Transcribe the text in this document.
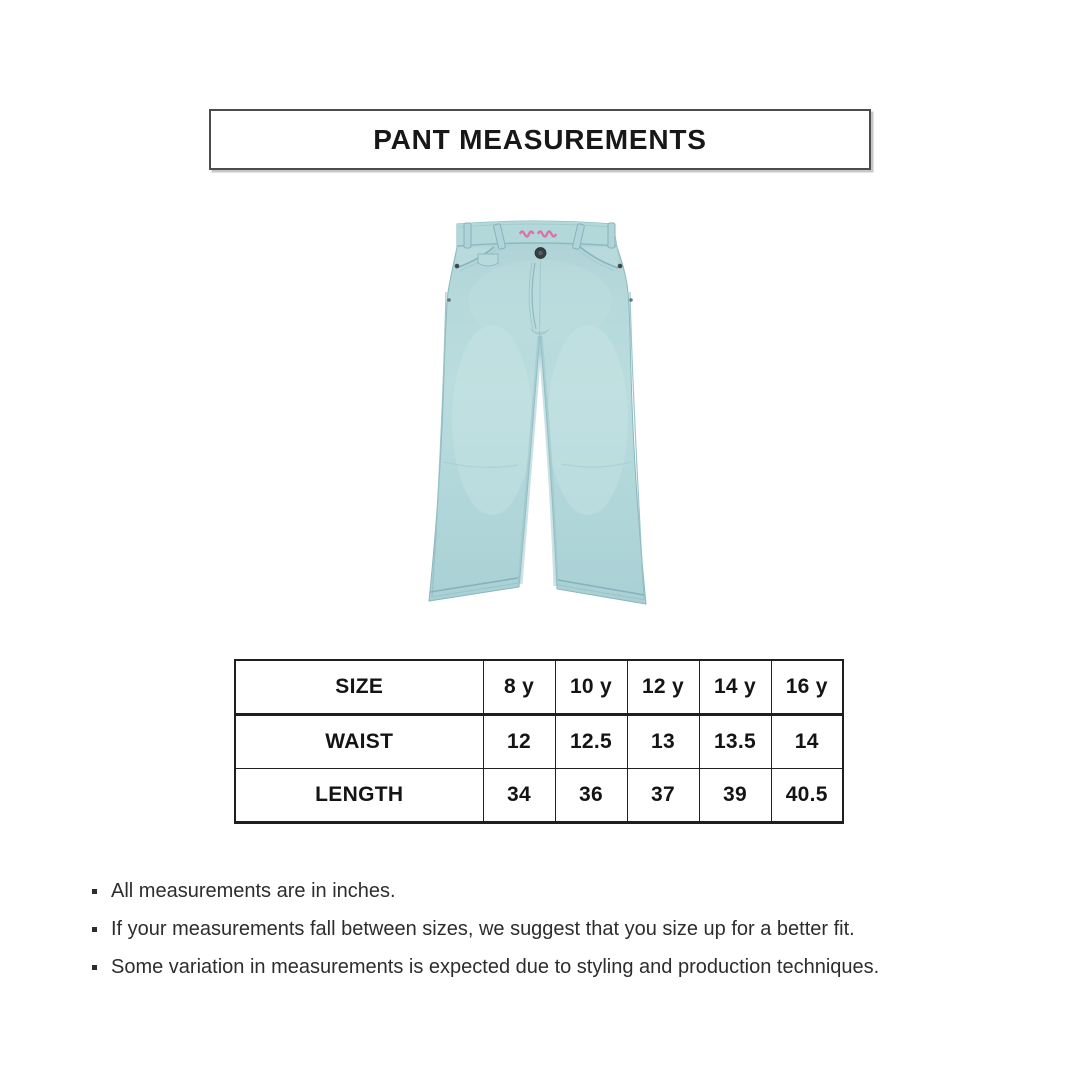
PANT MEASUREMENTS
SIZE	8 y	10 y	12 y	14 y	16 y
WAIST	12	12.5	13	13.5	14
LENGTH	34	36	37	39	40.5
All measurements are in inches.
If your measurements fall between sizes, we suggest that you size up for a better fit.
Some variation in measurements is expected due to styling and production techniques.
